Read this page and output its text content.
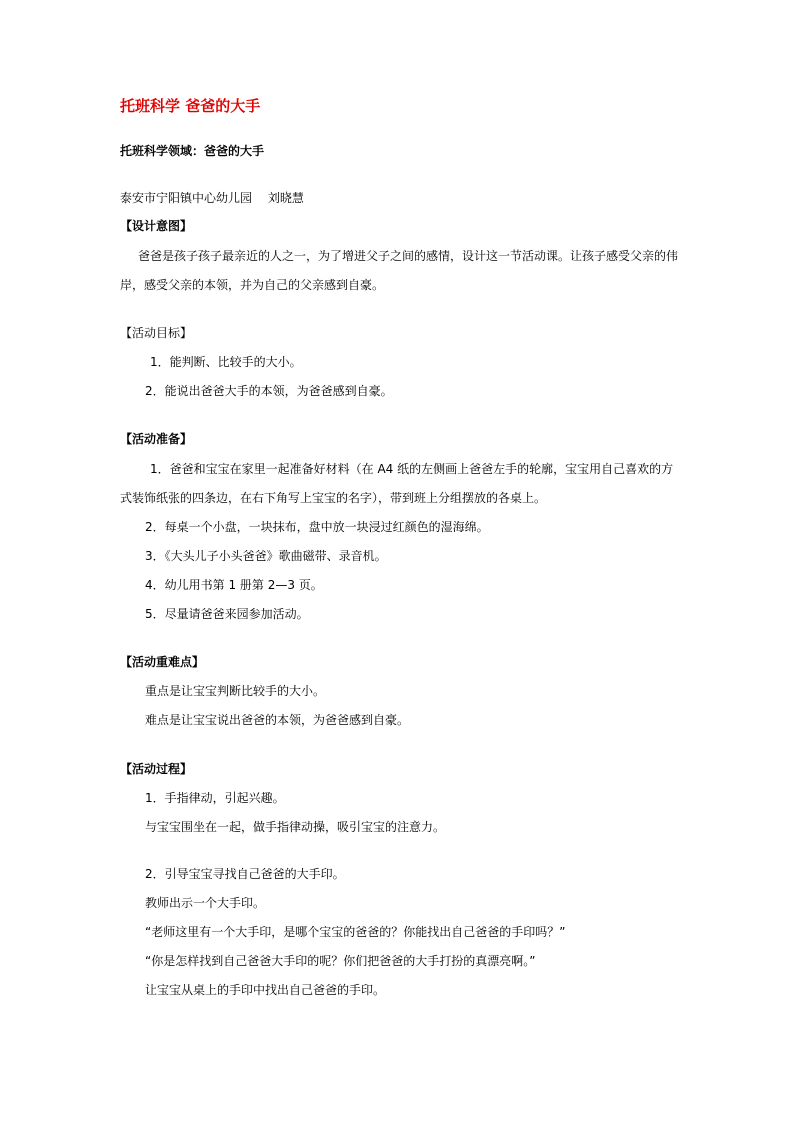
托班科学 爸爸的大手
托班科学领域：爸爸的大手
泰安市宁阳镇中心幼儿园　 刘晓慧
【设计意图】
爸爸是孩子孩子最亲近的人之一，为了增进父子之间的感情，设计这一节活动课。让孩子感受父亲的伟
岸，感受父亲的本领，并为自己的父亲感到自豪。
【活动目标】
1．能判断、比较手的大小。
2．能说出爸爸大手的本领，为爸爸感到自豪。
【活动准备】
1．爸爸和宝宝在家里一起准备好材料（在 A4 纸的左侧画上爸爸左手的轮廓，宝宝用自己喜欢的方
式装饰纸张的四条边，在右下角写上宝宝的名字），带到班上分组摆放的各桌上。
2．每桌一个小盘，一块抹布，盘中放一块浸过红颜色的湿海绵。
3．《大头儿子小头爸爸》歌曲磁带、录音机。
4．幼儿用书第 1 册第 2—3 页。
5．尽量请爸爸来园参加活动。
【活动重难点】
重点是让宝宝判断比较手的大小。
难点是让宝宝说出爸爸的本领，为爸爸感到自豪。
【活动过程】
1．手指律动，引起兴趣。
与宝宝围坐在一起，做手指律动操，吸引宝宝的注意力。
2．引导宝宝寻找自己爸爸的大手印。
教师出示一个大手印。
“老师这里有一个大手印，是哪个宝宝的爸爸的？你能找出自己爸爸的手印吗？”
“你是怎样找到自己爸爸大手印的呢？你们把爸爸的大手打扮的真漂亮啊。”
让宝宝从桌上的手印中找出自己爸爸的手印。
